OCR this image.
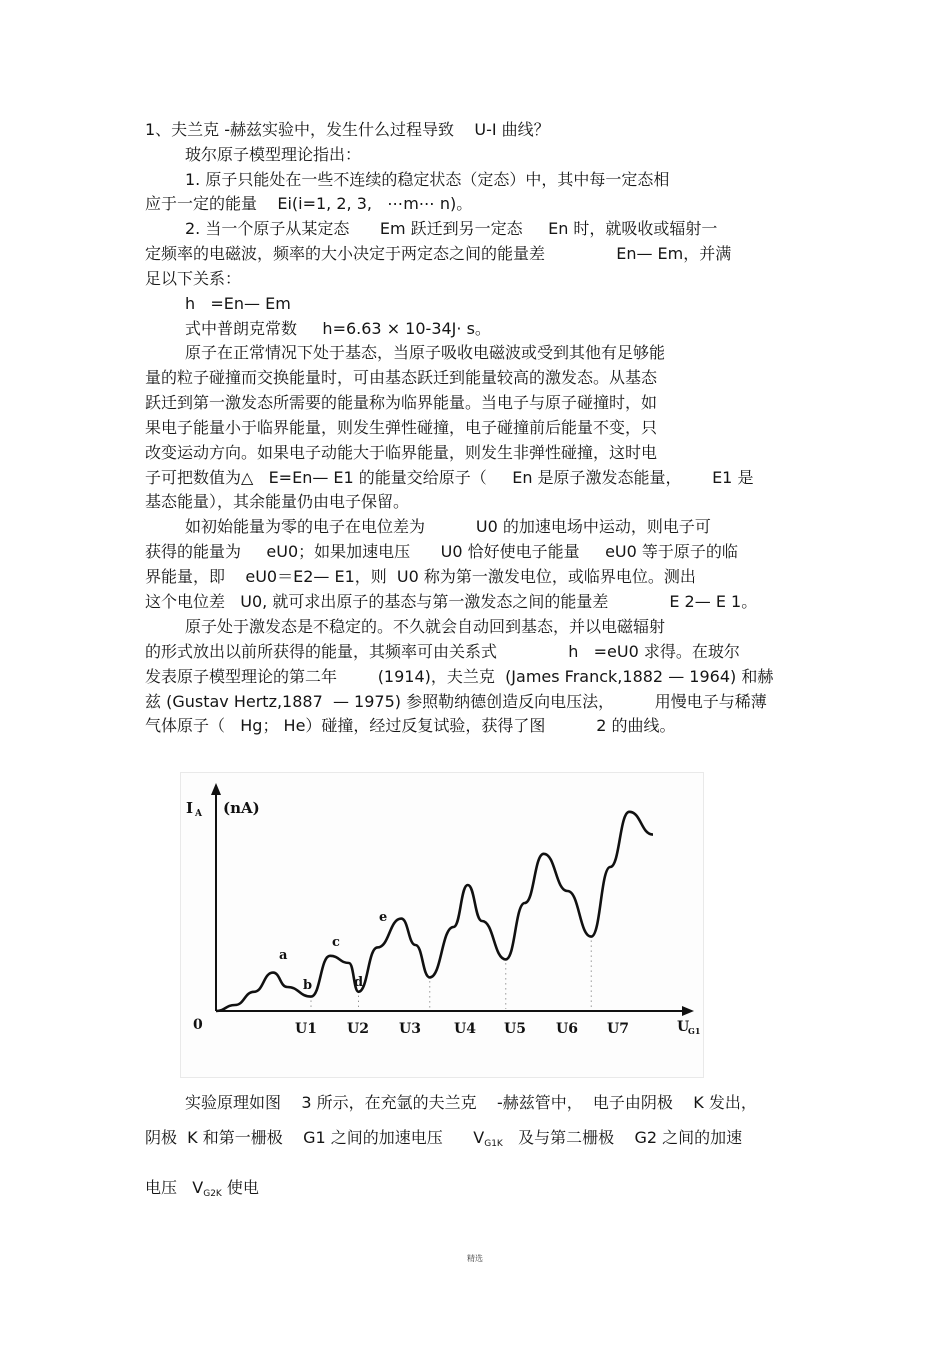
1、夫兰克 -赫兹实验中，发生什么过程导致    U-I 曲线？
玻尔原子模型理论指出：
1. 原子只能处在一些不连续的稳定状态（定态）中，其中每一定态相
应于一定的能量    Ei(i=1, 2, 3,   ⋯m⋯ n)。
2. 当一个原子从某定态      Em 跃迁到另一定态     En 时，就吸收或辐射一
定频率的电磁波，频率的大小决定于两定态之间的能量差              En— Em，并满
足以下关系：
h   =En— Em
式中普朗克常数     h=6.63 × 10-34J· s。
原子在正常情况下处于基态，当原子吸收电磁波或受到其他有足够能
量的粒子碰撞而交换能量时，可由基态跃迁到能量较高的激发态。从基态
跃迁到第一激发态所需要的能量称为临界能量。当电子与原子碰撞时，如
果电子能量小于临界能量，则发生弹性碰撞，电子碰撞前后能量不变，只
改变运动方向。如果电子动能大于临界能量，则发生非弹性碰撞，这时电
子可把数值为△   E=En— E1 的能量交给原子（     En 是原子激发态能量，      E1 是
基态能量），其余能量仍由电子保留。
如初始能量为零的电子在电位差为          U0 的加速电场中运动，则电子可
获得的能量为     eU0；如果加速电压      U0 恰好使电子能量     eU0 等于原子的临
界能量，即    eU0＝E2— E1，则  U0 称为第一激发电位，或临界电位。测出
这个电位差   U0, 就可求出原子的基态与第一激发态之间的能量差            E 2— E 1。
原子处于激发态是不稳定的。不久就会自动回到基态，并以电磁辐射
的形式放出以前所获得的能量，其频率可由关系式              h   =eU0 求得。在玻尔
发表原子模型理论的第二年        (1914)，夫兰克  (James Franck,1882 — 1964) 和赫
兹 (Gustav Hertz,1887  — 1975) 参照勒纳德创造反向电压法，        用慢电子与稀薄
气体原子（   Hg； He）碰撞，经过反复试验，获得了图          2 的曲线。
I A (nA)
0	U
G1
U1 U2 U3 U4 U5 U6 U7
a
b
c
d
e
实验原理如图    3 所示，在充氩的夫兰克    -赫兹管中，  电子由阴极    K 发出，
阴极  K 和第一栅极    G1 之间的加速电压      $V_{G1K}$   及与第二栅极    G2 之间的加速
电压   $V_{G2K}$ 使电
精选
